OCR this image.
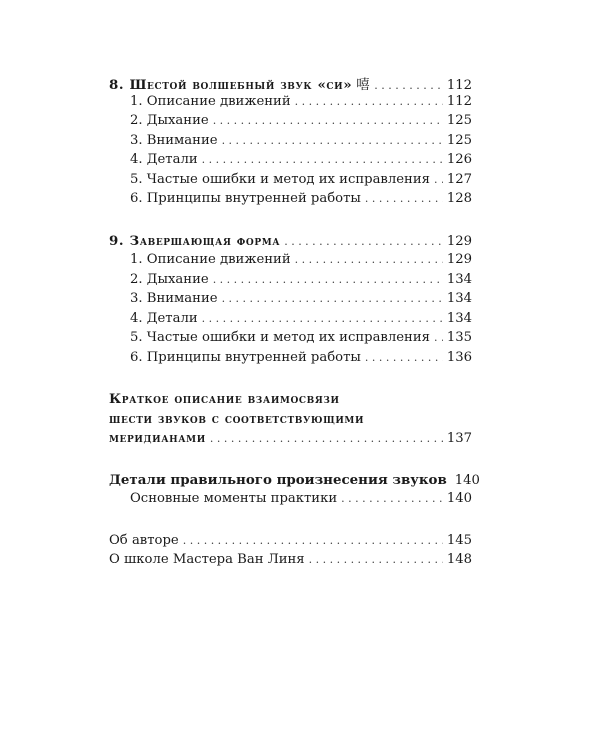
8. Шестой волшебный звук «си» 嘻 . . .	112
1. Описание движений . . .	112
2. Дыхание . . .	125
3. Внимание . . .	125
4. Детали . . .	126
5. Частые ошибки и метод их исправления . . . 127
6. Принципы внутренней работы . . .	128
9. Завершающая форма . . .	129
1. Описание движений . . .	129
2. Дыхание . . .	134
3. Внимание . . .	134
4. Детали . . .	134
5. Частые ошибки и метод их исправления . . . 135
6. Принципы внутренней работы . . .	136
Краткое описание взаимосвязи
шести звуков с соответствующими
меридианами . . .	137
Детали правильного произнесения звуков 140
Основные моменты практики . . .	140
Об авторе . . .	145
О школе Мастера Ван Линя . . .	148
